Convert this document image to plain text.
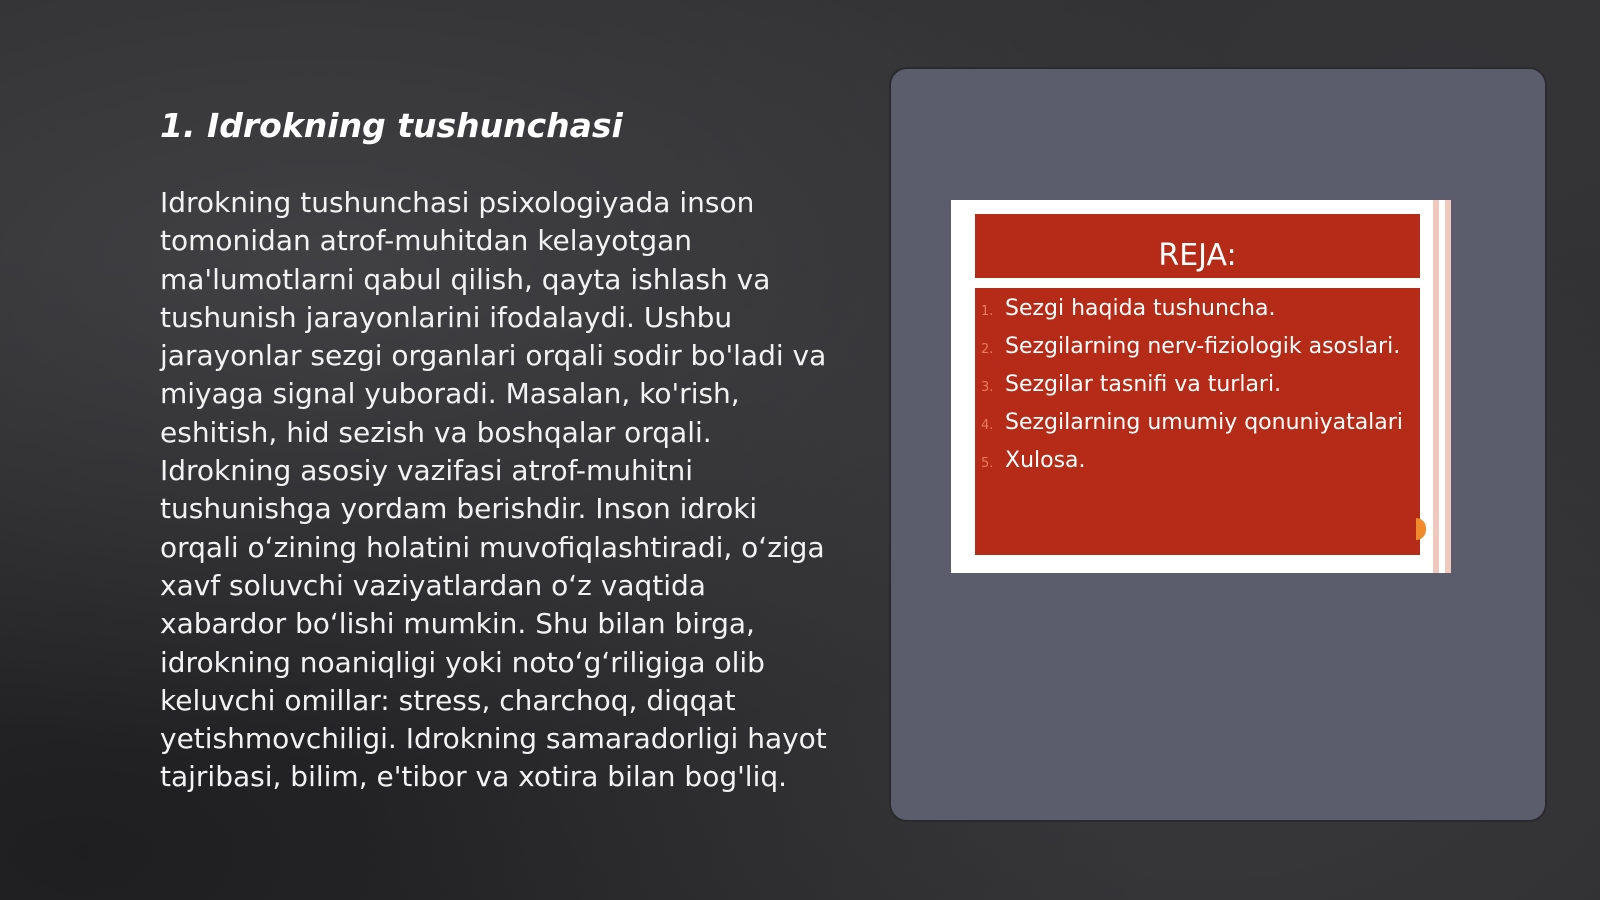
1. Idrokning tushunchasi

Idrokning tushunchasi psixologiyada inson tomonidan atrof-muhitdan kelayotgan ma'lumotlarni qabul qilish, qayta ishlash va tushunish jarayonlarini ifodalaydi. Ushbu jarayonlar sezgi organlari orqali sodir bo'ladi va miyaga signal yuboradi. Masalan, ko'rish, eshitish, hid sezish va boshqalar orqali. Idrokning asosiy vazifasi atrof-muhitni tushunishga yordam berishdir. Inson idroki orqali oʻzining holatini muvofiqlashtiradi, oʻziga xavf soluvchi vaziyatlardan oʻz vaqtida xabardor boʻlishi mumkin. Shu bilan birga, idrokning noaniqligi yoki notoʻgʻriligiga olib keluvchi omillar: stress, charchoq, diqqat yetishmovchiligi. Idrokning samaradorligi hayot tajribasi, bilim, e'tibor va xotira bilan bog'liq.

REJA:
1. Sezgi haqida tushuncha.
2. Sezgilarning nerv-fiziologik asoslari.
3. Sezgilar tasnifi va turlari.
4. Sezgilarning umumiy qonuniyatalari
5. Xulosa.
